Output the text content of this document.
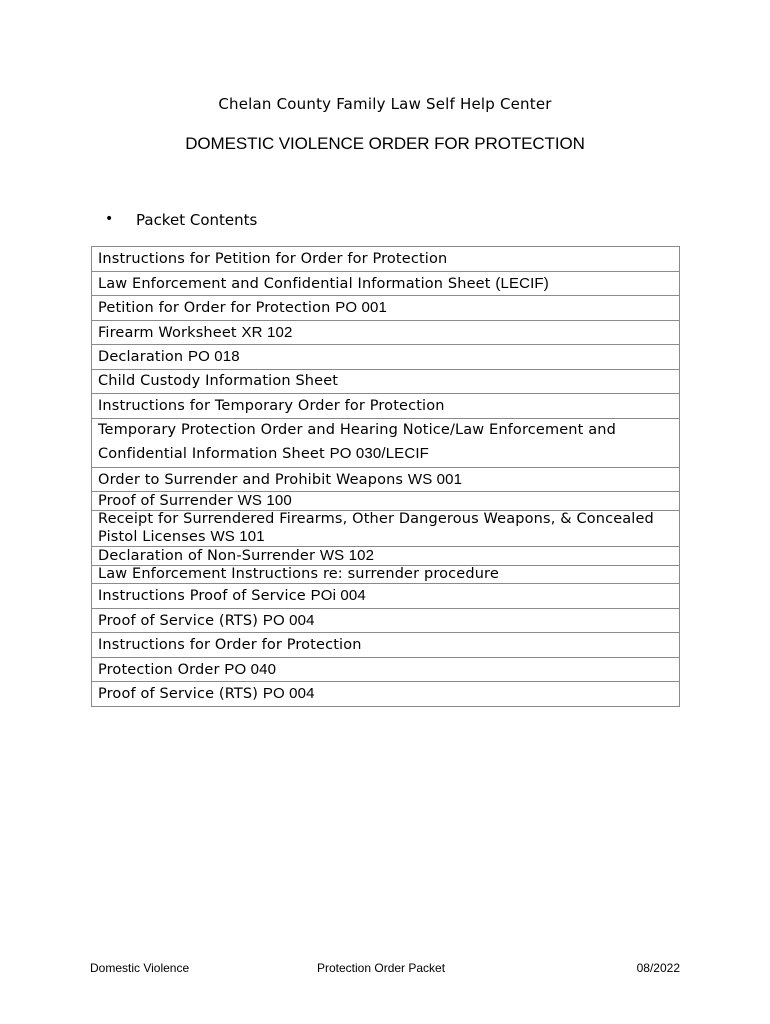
Chelan County Family Law Self Help Center
DOMESTIC VIOLENCE ORDER FOR PROTECTION
• Packet Contents
Instructions for Petition for Order for Protection
Law Enforcement and Confidential Information Sheet (LECIF)
Petition for Order for Protection PO 001
Firearm Worksheet XR 102
Declaration PO 018
Child Custody Information Sheet
Instructions for Temporary Order for Protection
Temporary Protection Order and Hearing Notice/Law Enforcement and Confidential Information Sheet PO 030/LECIF
Order to Surrender and Prohibit Weapons WS 001
Proof of Surrender WS 100
Receipt for Surrendered Firearms, Other Dangerous Weapons, & Concealed Pistol Licenses WS 101
Declaration of Non-Surrender WS 102
Law Enforcement Instructions re: surrender procedure
Instructions Proof of Service POi 004
Proof of Service (RTS) PO 004
Instructions for Order for Protection
Protection Order PO 040
Proof of Service (RTS) PO 004
Domestic Violence	Protection Order Packet	08/2022
